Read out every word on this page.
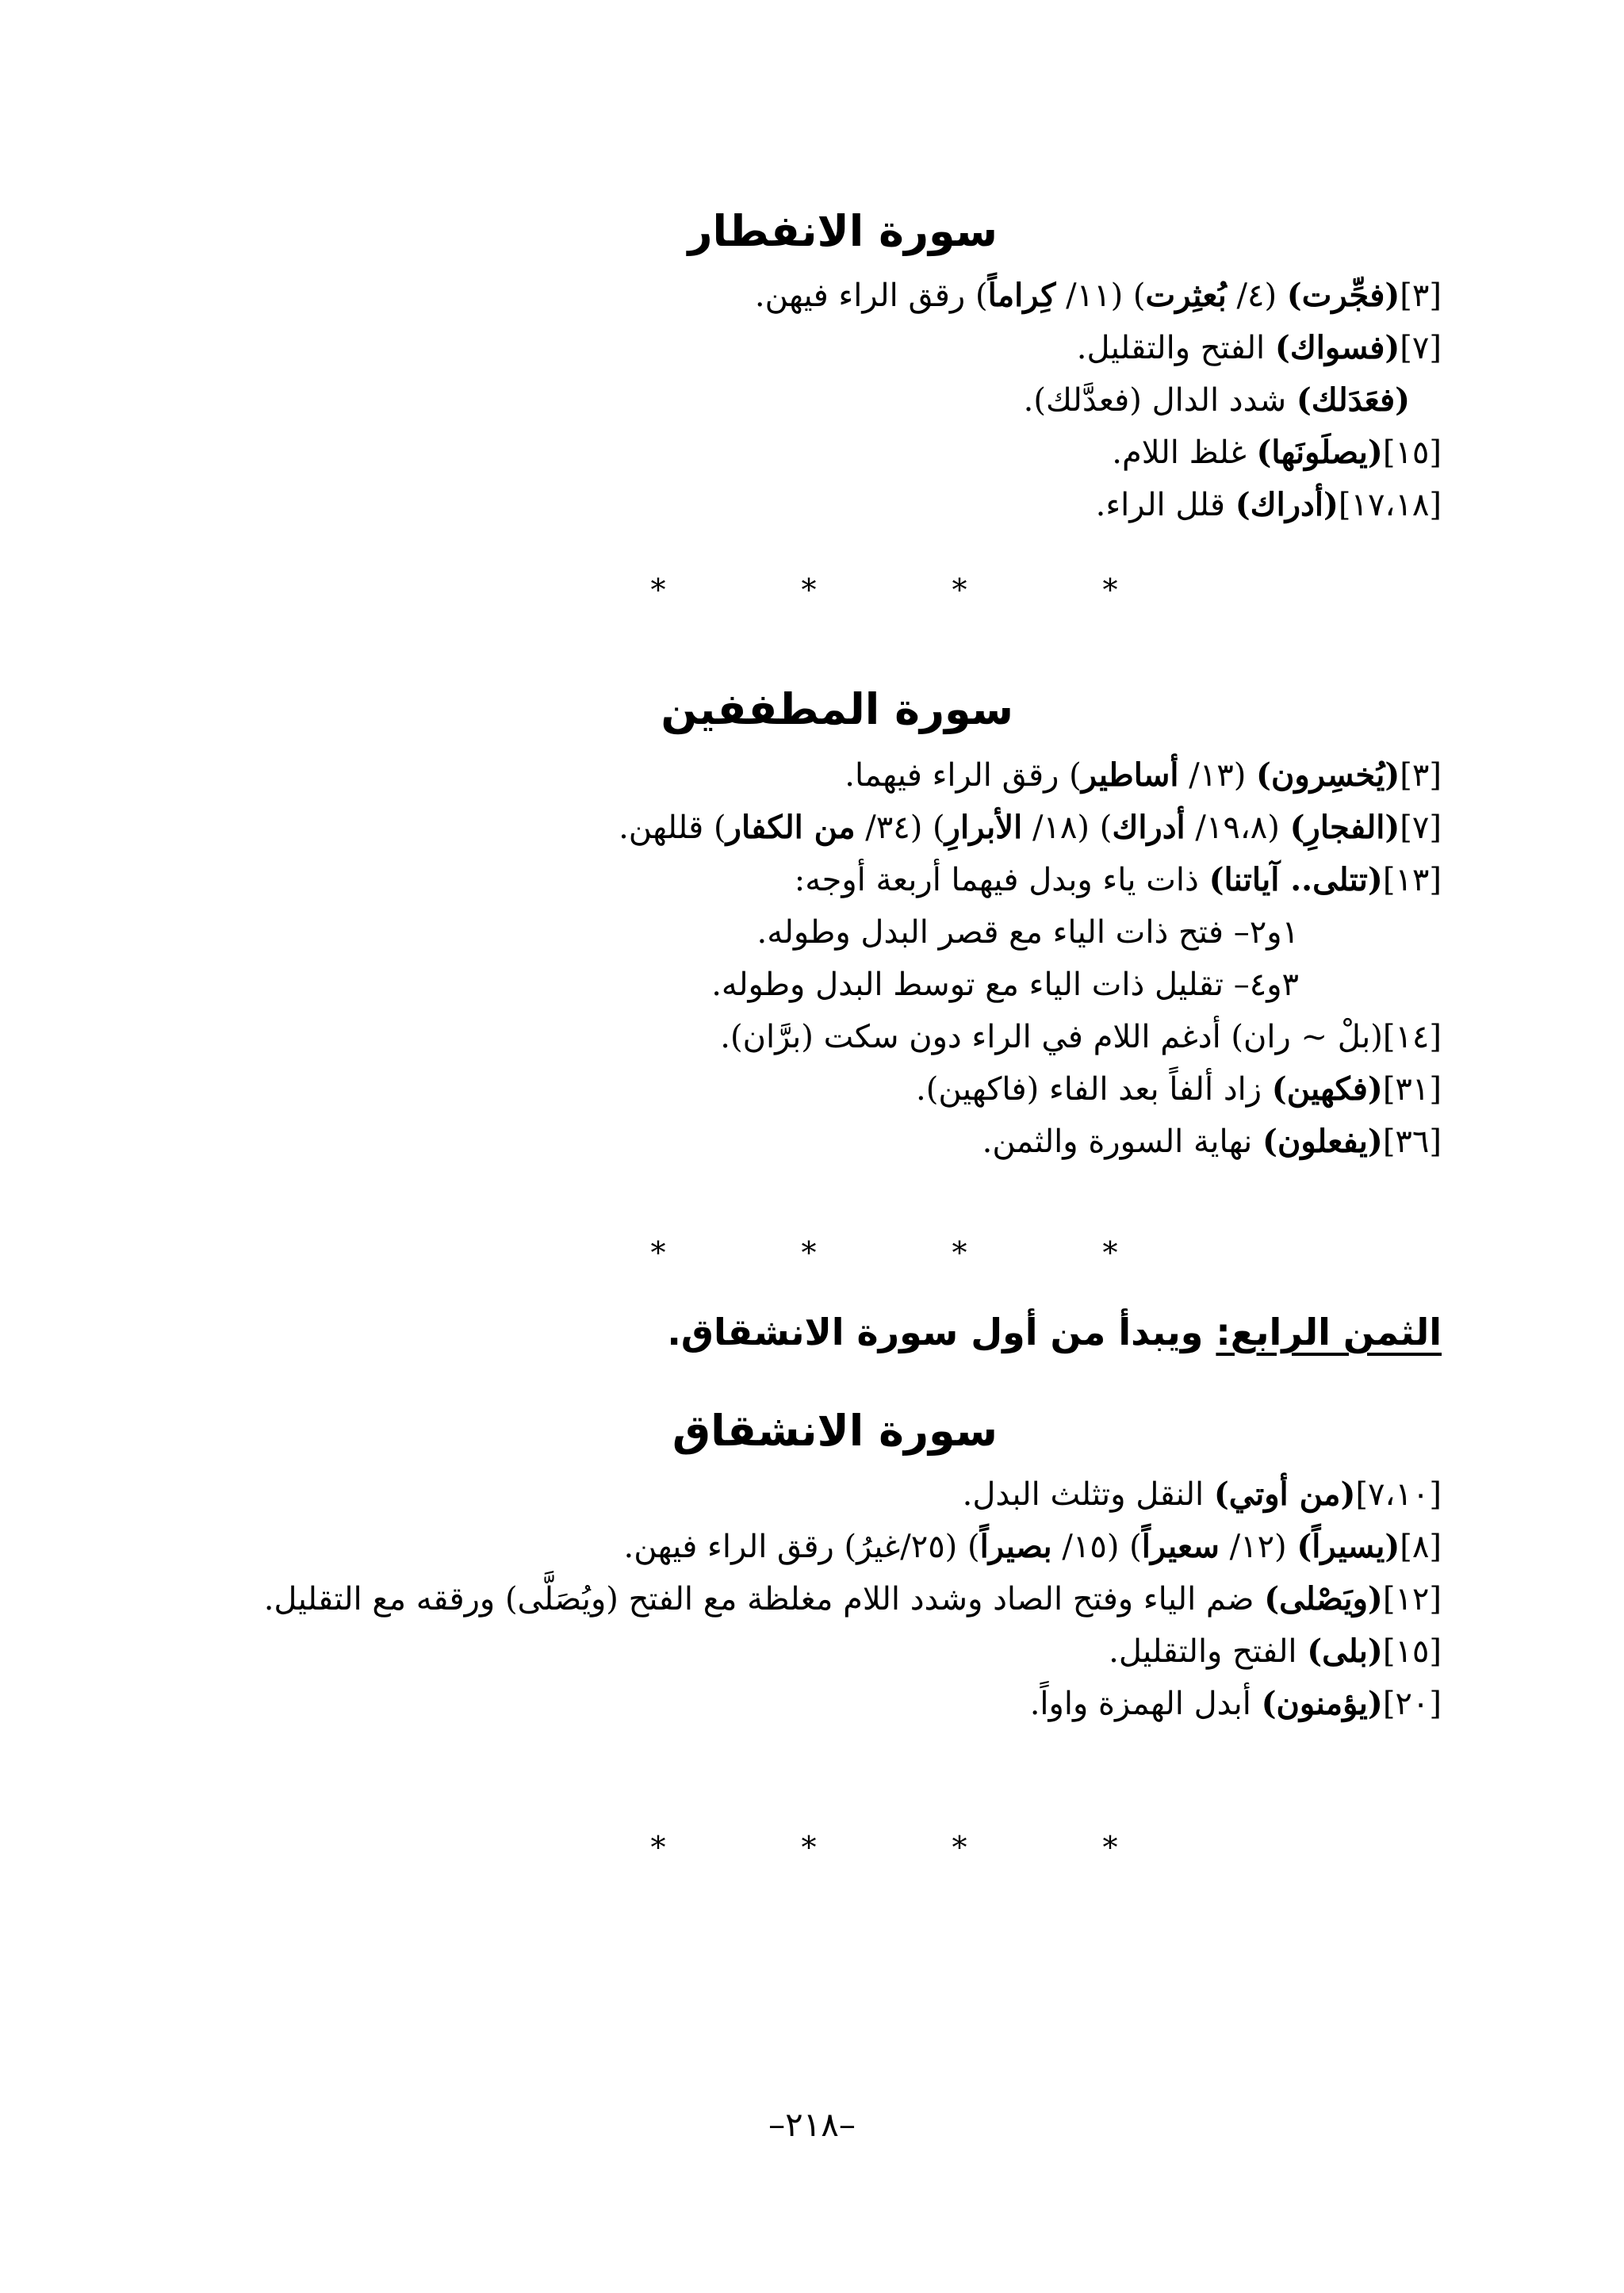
سورة الانفطار
[٣](فجِّرت) (٤/ بُعثِرت) (١١/ كِراماً) رقق الراء فيهن.
[٧](فسواك) الفتح والتقليل.
(فعَدَلك) شدد الدال (فعدَّلك).
[١٥](يصلَونَها) غلظ اللام.
[١٧،١٨](أدراك) قلل الراء.
*	*	*	*
سورة المطففين
[٣](يُخسِرون) (١٣/ أساطير) رقق الراء فيهما.
[٧](الفجارِ) (١٩،٨/ أدراك) (١٨/ الأبرارِ) (٣٤/ من الكفار) قللهن.
[١٣](تتلى.. آياتنا) ذات ياء وبدل فيهما أربعة أوجه:
١و٢– فتح ذات الياء مع قصر البدل وطوله.
٣و٤– تقليل ذات الياء مع توسط البدل وطوله.
[١٤](بلْ ~ ران) أدغم اللام في الراء دون سكت (برَّان).
[٣١](فكهين) زاد ألفاً بعد الفاء (فاكهين).
[٣٦](يفعلون) نهاية السورة والثمن.
*	*	*	*
الثمن الرابع: ويبدأ من أول سورة الانشقاق.
سورة الانشقاق
[٧،١٠](من أوتي) النقل وتثلث البدل.
[٨](يسيراً) (١٢/ سعيراً) (١٥/ بصيراً) (٢٥/غيرُ) رقق الراء فيهن.
[١٢](ويَصْلى) ضم الياء وفتح الصاد وشدد اللام مغلظة مع الفتح (ويُصَلَّى) ورققه مع التقليل.
[١٥](بلى) الفتح والتقليل.
[٢٠](يؤمنون) أبدل الهمزة واواً.
*	*	*	*
–٢١٨–
